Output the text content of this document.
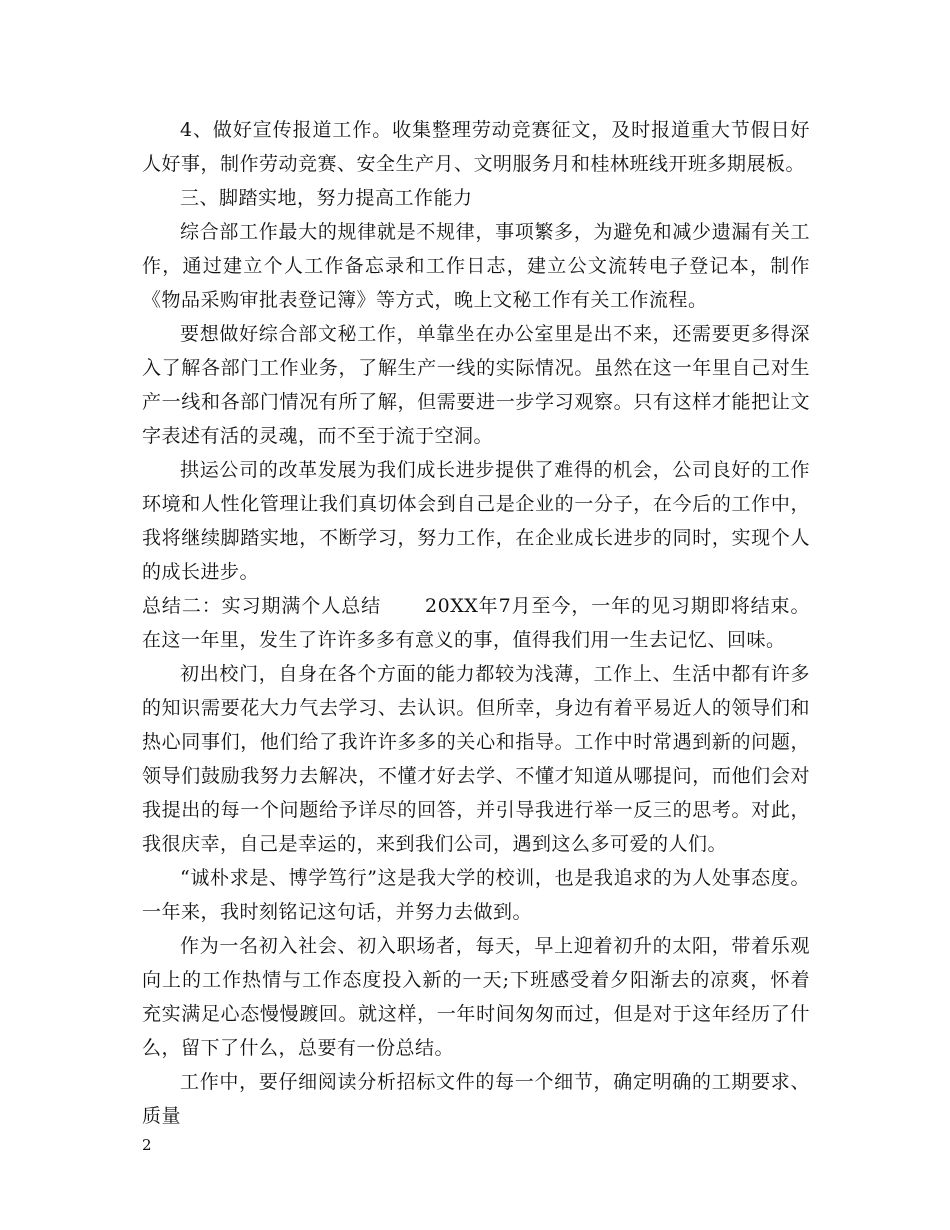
4、做好宣传报道工作。收集整理劳动竞赛征文，及时报道重大节假日好人好事，制作劳动竞赛、安全生产月、文明服务月和桂林班线开班多期展板。

三、脚踏实地，努力提高工作能力

综合部工作最大的规律就是不规律，事项繁多，为避免和减少遗漏有关工作，通过建立个人工作备忘录和工作日志，建立公文流转电子登记本，制作《物品采购审批表登记簿》等方式，晚上文秘工作有关工作流程。

要想做好综合部文秘工作，单靠坐在办公室里是出不来，还需要更多得深入了解各部门工作业务，了解生产一线的实际情况。虽然在这一年里自己对生产一线和各部门情况有所了解，但需要进一步学习观察。只有这样才能把让文字表述有活的灵魂，而不至于流于空洞。

拱运公司的改革发展为我们成长进步提供了难得的机会，公司良好的工作环境和人性化管理让我们真切体会到自己是企业的一分子，在今后的工作中，我将继续脚踏实地，不断学习，努力工作，在企业成长进步的同时，实现个人的成长进步。

总结二：实习期满个人总结 20XX年7月至今，一年的见习期即将结束。在这一年里，发生了许许多多有意义的事，值得我们用一生去记忆、回味。

初出校门，自身在各个方面的能力都较为浅薄，工作上、生活中都有许多的知识需要花大力气去学习、去认识。但所幸，身边有着平易近人的领导们和热心同事们，他们给了我许许多多的关心和指导。工作中时常遇到新的问题，领导们鼓励我努力去解决，不懂才好去学、不懂才知道从哪提问，而他们会对我提出的每一个问题给予详尽的回答，并引导我进行举一反三的思考。对此，我很庆幸，自己是幸运的，来到我们公司，遇到这么多可爱的人们。

“诚朴求是、博学笃行”这是我大学的校训，也是我追求的为人处事态度。一年来，我时刻铭记这句话，并努力去做到。

作为一名初入社会、初入职场者，每天，早上迎着初升的太阳，带着乐观向上的工作热情与工作态度投入新的一天;下班感受着夕阳渐去的凉爽，怀着充实满足心态慢慢踱回。就这样，一年时间匆匆而过，但是对于这年经历了什么，留下了什么，总要有一份总结。

工作中，要仔细阅读分析招标文件的每一个细节，确定明确的工期要求、质量

2
